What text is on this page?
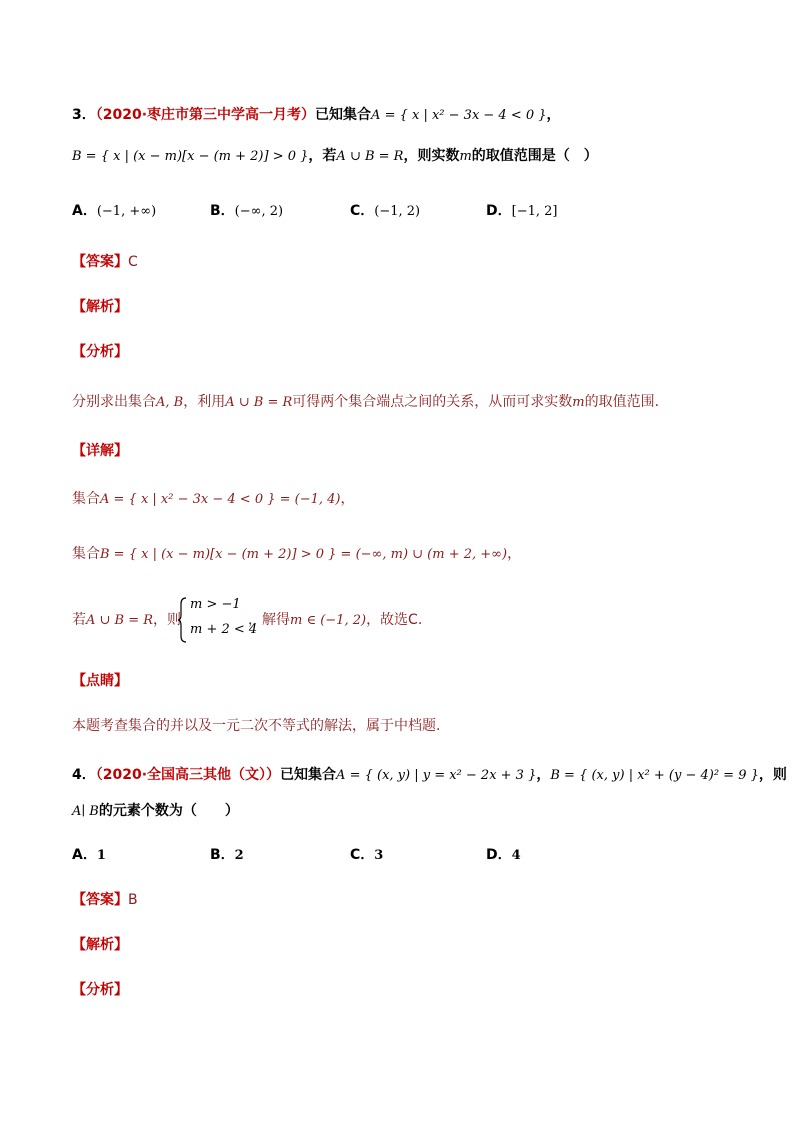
3．（2020·枣庄市第三中学高一月考）已知集合A = { x | x² − 3x − 4 < 0 }，
B = { x | (x − m)[x − (m + 2)] > 0 }，若A ∪ B = R，则实数m的取值范围是（　）
A．(−1, +∞)	B．(−∞, 2)	C．(−1, 2)	D．[−1, 2]
【答案】C
【解析】
【分析】
分别求出集合A, B，利用A ∪ B = R可得两个集合端点之间的关系，从而可求实数m的取值范围.
【详解】
集合A = { x | x² − 3x − 4 < 0 } = (−1, 4)，
集合B = { x | (x − m)[x − (m + 2)] > 0 } = (−∞, m) ∪ (m + 2, +∞)，
若A ∪ B = R，则
m > −1
m + 2 < 4
，解得m ∈ (−1, 2)，故选C.
【点睛】
本题考查集合的并以及一元二次不等式的解法，属于中档题.
4．（2020·全国高三其他（文））已知集合A = { (x, y) | y = x² − 2x + 3 }，B = { (x, y) | x² + (y − 4)² = 9 }，则
A∣ B的元素个数为（　　）
A．1	B．2	C．3	D．4
【答案】B
【解析】
【分析】
